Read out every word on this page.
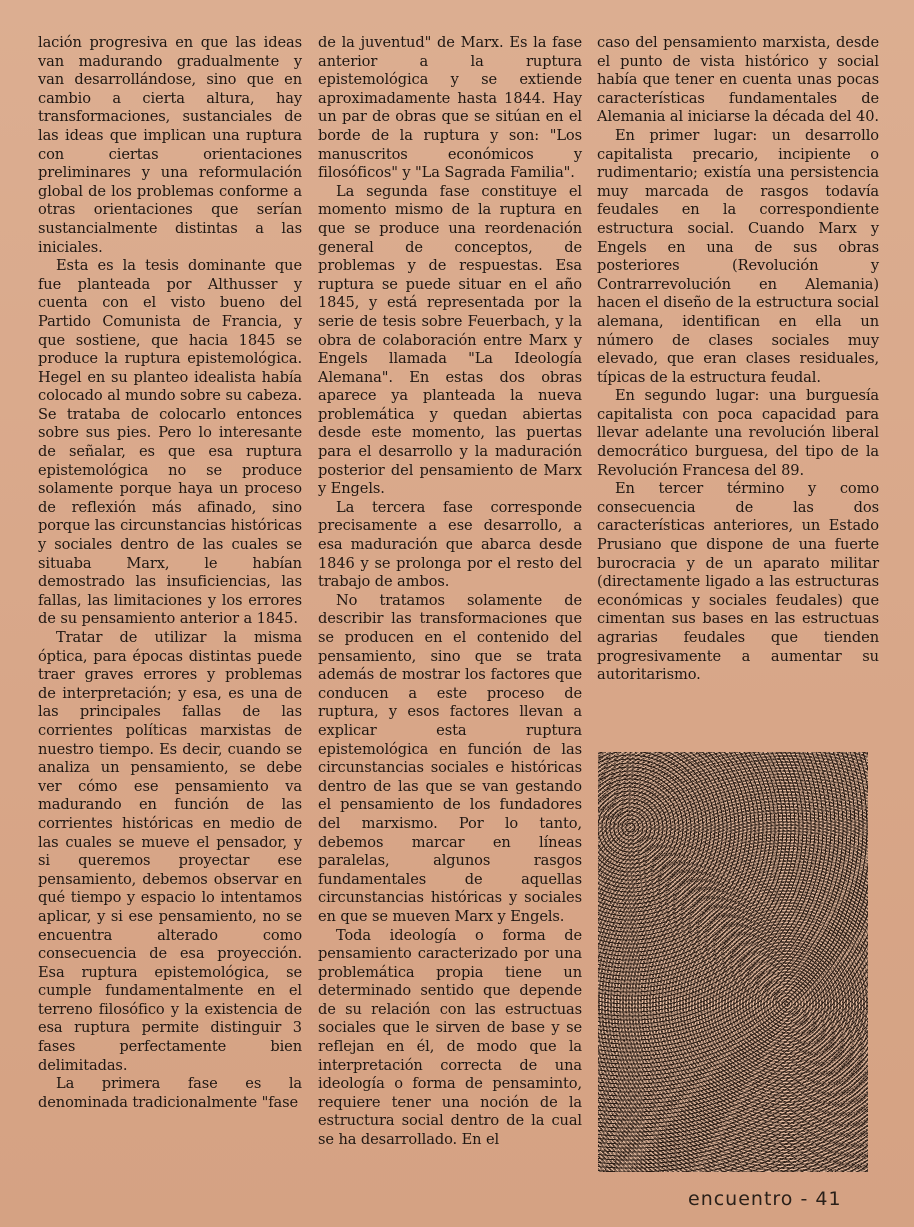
lación progresiva en que las ideas van madurando gradualmente y van desarrollándose, sino que en cambio a cierta altura, hay transformaciones, sustanciales de las ideas que implican una ruptura con ciertas orientaciones preliminares y una reformulación global de los problemas conforme a otras orientaciones que serían sustancialmente distintas a las iniciales.

Esta es la tesis dominante que fue planteada por Althusser y cuenta con el visto bueno del Partido Comunista de Francia, y que sostiene, que hacia 1845 se produce la ruptura epistemológica. Hegel en su planteo idealista había colocado al mundo sobre su cabeza. Se trataba de colocarlo entonces sobre sus pies. Pero lo interesante de señalar, es que esa ruptura epistemológica no se produce solamente porque haya un proceso de reflexión más afinado, sino porque las circunstancias históricas y sociales dentro de las cuales se situaba Marx, le habían demostrado las insuficiencias, las fallas, las limitaciones y los errores de su pensamiento anterior a 1845.

Tratar de utilizar la misma óptica, para épocas distintas puede traer graves errores y problemas de interpretación; y esa, es una de las principales fallas de las corrientes políticas marxistas de nuestro tiempo. Es decir, cuando se analiza un pensamiento, se debe ver cómo ese pensamiento va madurando en función de las corrientes históricas en medio de las cuales se mueve el pensador, y si queremos proyectar ese pensamiento, debemos observar en qué tiempo y espacio lo intentamos aplicar, y si ese pensamiento, no se encuentra alterado como consecuencia de esa proyección. Esa ruptura epistemológica, se cumple fundamentalmente en el terreno filosófico y la existencia de esa ruptura permite distinguir 3 fases perfectamente bien delimitadas.

La primera fase es la denominada tradicionalmente "fase

de la juventud" de Marx. Es la fase anterior a la ruptura epistemológica y se extiende aproximadamente hasta 1844. Hay un par de obras que se sitúan en el borde de la ruptura y son: "Los manuscritos económicos y filosóficos" y "La Sagrada Familia".

La segunda fase constituye el momento mismo de la ruptura en que se produce una reordenación general de conceptos, de problemas y de respuestas. Esa ruptura se puede situar en el año 1845, y está representada por la serie de tesis sobre Feuerbach, y la obra de colaboración entre Marx y Engels llamada "La Ideología Alemana". En estas dos obras aparece ya planteada la nueva problemática y quedan abiertas desde este momento, las puertas para el desarrollo y la maduración posterior del pensamiento de Marx y Engels.

La tercera fase corresponde precisamente a ese desarrollo, a esa maduración que abarca desde 1846 y se prolonga por el resto del trabajo de ambos.

No tratamos solamente de describir las transformaciones que se producen en el contenido del pensamiento, sino que se trata además de mostrar los factores que conducen a este proceso de ruptura, y esos factores llevan a explicar esta ruptura epistemológica en función de las circunstancias sociales e históricas dentro de las que se van gestando el pensamiento de los fundadores del marxismo. Por lo tanto, debemos marcar en líneas paralelas, algunos rasgos fundamentales de aquellas circunstancias históricas y sociales en que se mueven Marx y Engels.

Toda ideología o forma de pensamiento caracterizado por una problemática propia tiene un determinado sentido que depende de su relación con las estructuas sociales que le sirven de base y se reflejan en él, de modo que la interpretación correcta de una ideología o forma de pensaminto, requiere tener una noción de la estructura social dentro de la cual se ha desarrollado. En el

caso del pensamiento marxista, desde el punto de vista histórico y social había que tener en cuenta unas pocas características fundamentales de Alemania al iniciarse la década del 40.

En primer lugar: un desarrollo capitalista precario, incipiente o rudimentario; existía una persistencia muy marcada de rasgos todavía feudales en la correspondiente estructura social. Cuando Marx y Engels en una de sus obras posteriores (Revolución y Contrarrevolución en Alemania) hacen el diseño de la estructura social alemana, identifican en ella un número de clases sociales muy elevado, que eran clases residuales, típicas de la estructura feudal.

En segundo lugar: una burguesía capitalista con poca capacidad para llevar adelante una revolución liberal democrático burguesa, del tipo de la Revolución Francesa del 89.

En tercer término y como consecuencia de las dos características anteriores, un Estado Prusiano que dispone de una fuerte burocracia y de un aparato militar (directamente ligado a las estructuras económicas y sociales feudales) que cimentan sus bases en las estructuas agrarias feudales que tienden progresivamente a aumentar su autoritarismo.

encuentro - 41
